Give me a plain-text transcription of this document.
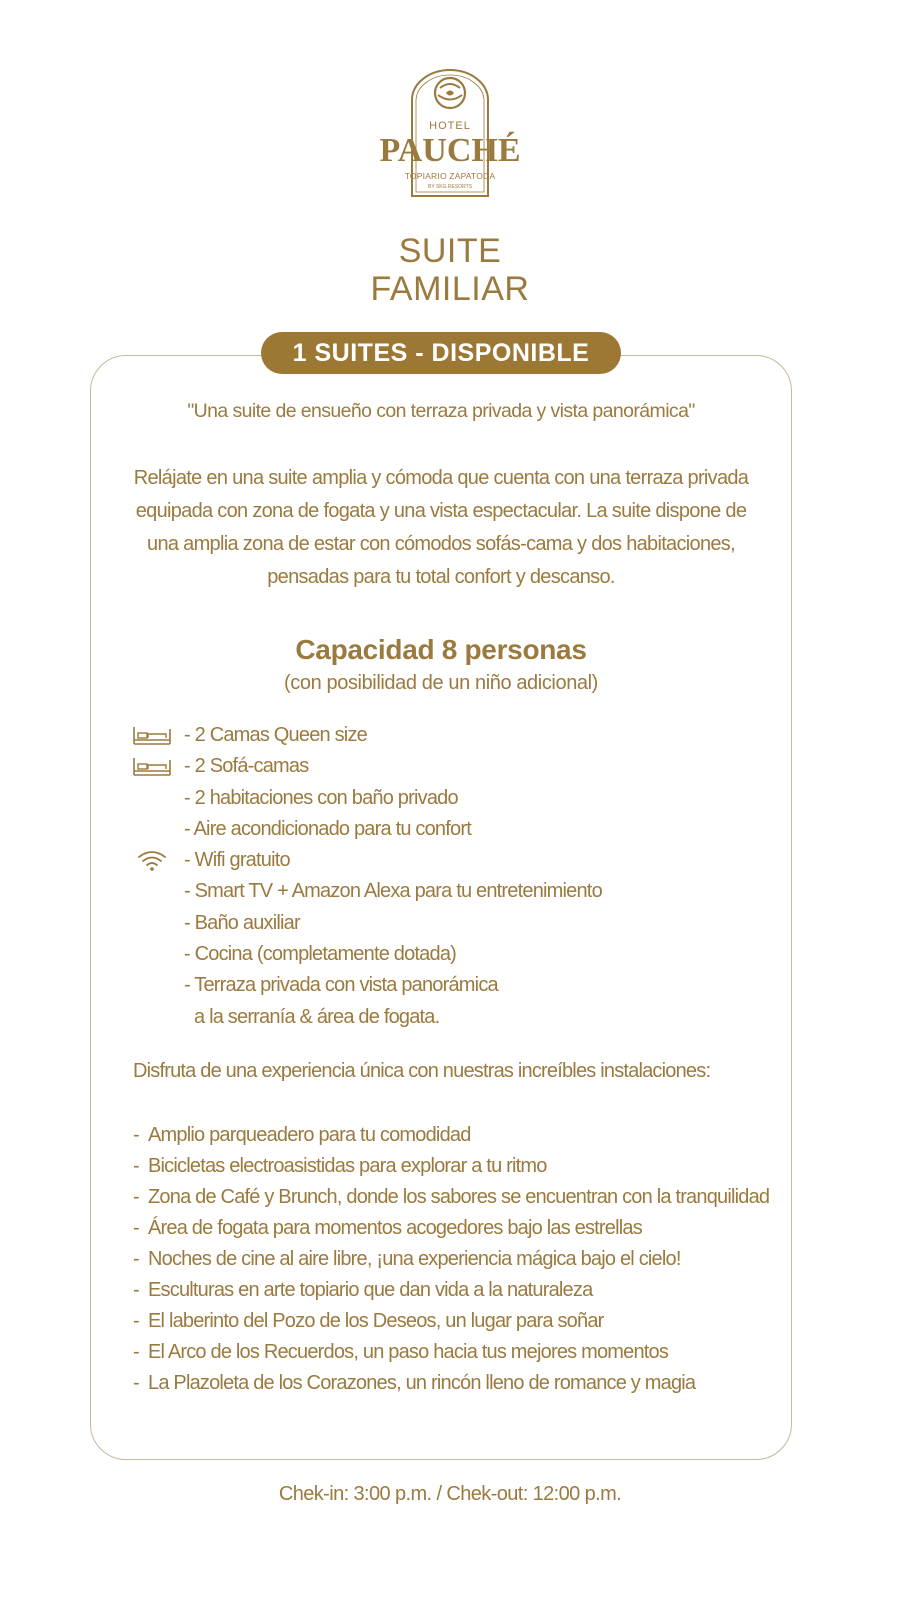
HOTEL
PAUCHÉ
TOPIARIO ZAPATOCA
BY SKG RESORTS
SUITE
FAMILIAR
1 SUITES - DISPONIBLE
"Una suite de ensueño con terraza privada y vista panorámica"
Relájate en una suite amplia y cómoda que cuenta con una terraza privada equipada con zona de fogata y una vista espectacular. La suite dispone de una amplia zona de estar con cómodos sofás-cama y dos habitaciones, pensadas para tu total confort y descanso.
Capacidad 8 personas
(con posibilidad de un niño adicional)
- 2 Camas Queen size
- 2 Sofá-camas
- 2 habitaciones con baño privado
- Aire acondicionado para tu confort
- Wifi gratuito
- Smart TV + Amazon Alexa para tu entretenimiento
- Baño auxiliar
- Cocina (completamente dotada)
- Terraza privada con vista panorámica
a la serranía & área de fogata.
Disfruta de una experiencia única con nuestras increíbles instalaciones:
- Amplio parqueadero para tu comodidad
- Bicicletas electroasistidas para explorar a tu ritmo
- Zona de Café y Brunch, donde los sabores se encuentran con la tranquilidad
- Área de fogata para momentos acogedores bajo las estrellas
- Noches de cine al aire libre, ¡una experiencia mágica bajo el cielo!
- Esculturas en arte topiario que dan vida a la naturaleza
- El laberinto del Pozo de los Deseos, un lugar para soñar
- El Arco de los Recuerdos, un paso hacia tus mejores momentos
- La Plazoleta de los Corazones, un rincón lleno de romance y magia
Chek-in: 3:00 p.m. / Chek-out: 12:00 p.m.
